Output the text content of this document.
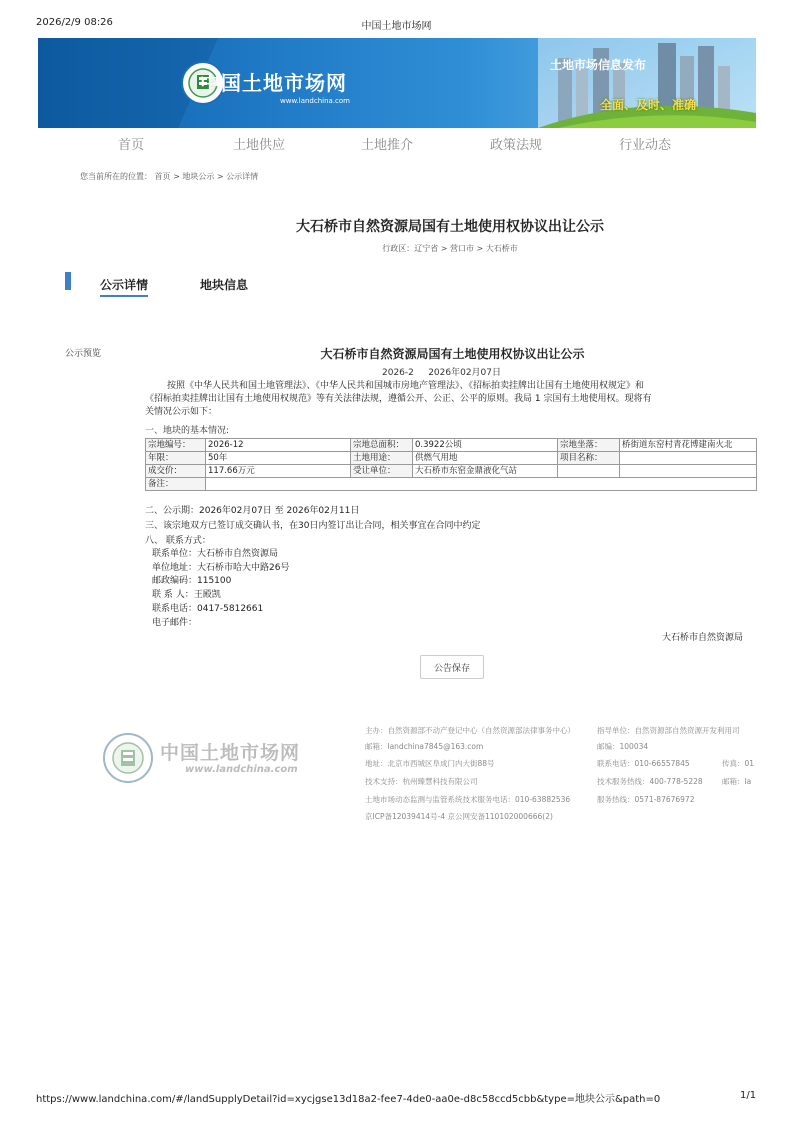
2026/2/9 08:26	中国土地市场网
中国土地市场网
www.landchina.com
土地市场信息发布
全面、及时、准确
首页	土地供应	土地推介	政策法规	行业动态
您当前所在的位置： 首页 > 地块公示 > 公示详情
大石桥市自然资源局国有土地使用权协议出让公示
行政区：辽宁省 > 营口市 > 大石桥市
公示详情	地块信息
公示预览	大石桥市自然资源局国有土地使用权协议出让公示
2026-2 2026年02月07日
按照《中华人民共和国土地管理法》、《中华人民共和国城市房地产管理法》、《招标拍卖挂牌出让国有土地使用权规定》和
《招标拍卖挂牌出让国有土地使用权规范》等有关法律法规，遵循公开、公正、公平的原则。我局 1 宗国有土地使用权。现将有
关情况公示如下：
一、地块的基本情况:
宗地编号：	2026-12	宗地总面积：	0.3922公顷	宗地坐落：	桥街道东窑村青花博建南火北
年限：	50年	土地用途：	供燃气用地	项目名称：	
成交价：	117.66万元	受让单位：	大石桥市东窑金鼎液化气站		
备注：					
二、公示期：2026年02月07日 至 2026年02月11日
三、该宗地双方已签订成交确认书，在30日内签订出让合同，相关事宜在合同中约定
八、 联系方式：
联系单位：大石桥市自然资源局
单位地址：大石桥市哈大中路26号
邮政编码：115100
联 系 人：王殿凯
联系电话：0417-5812661
电子邮件：
大石桥市自然资源局
公告保存
中国土地市场网
www.landchina.com
主办：自然资源部不动产登记中心（自然资源部法律事务中心）
邮箱：landchina7845@163.com
地址：北京市西城区阜成门内大街88号
技术支持：杭州臻慧科技有限公司
土地市场动态监测与监管系统技术服务电话：010-63882536
京ICP备12039414号-4 京公网安备110102000666(2)
指导单位：自然资源部自然资源开发利用司
邮编：100034
联系电话：010-66557845
技术服务热线：400-778-5228
服务热线：0571-87676972
传真：01
邮箱：la
https://www.landchina.com/#/landSupplyDetail?id=xycjgse13d18a2-fee7-4de0-aa0e-d8c58ccd5cbb&type=地块公示&path=0	1/1
